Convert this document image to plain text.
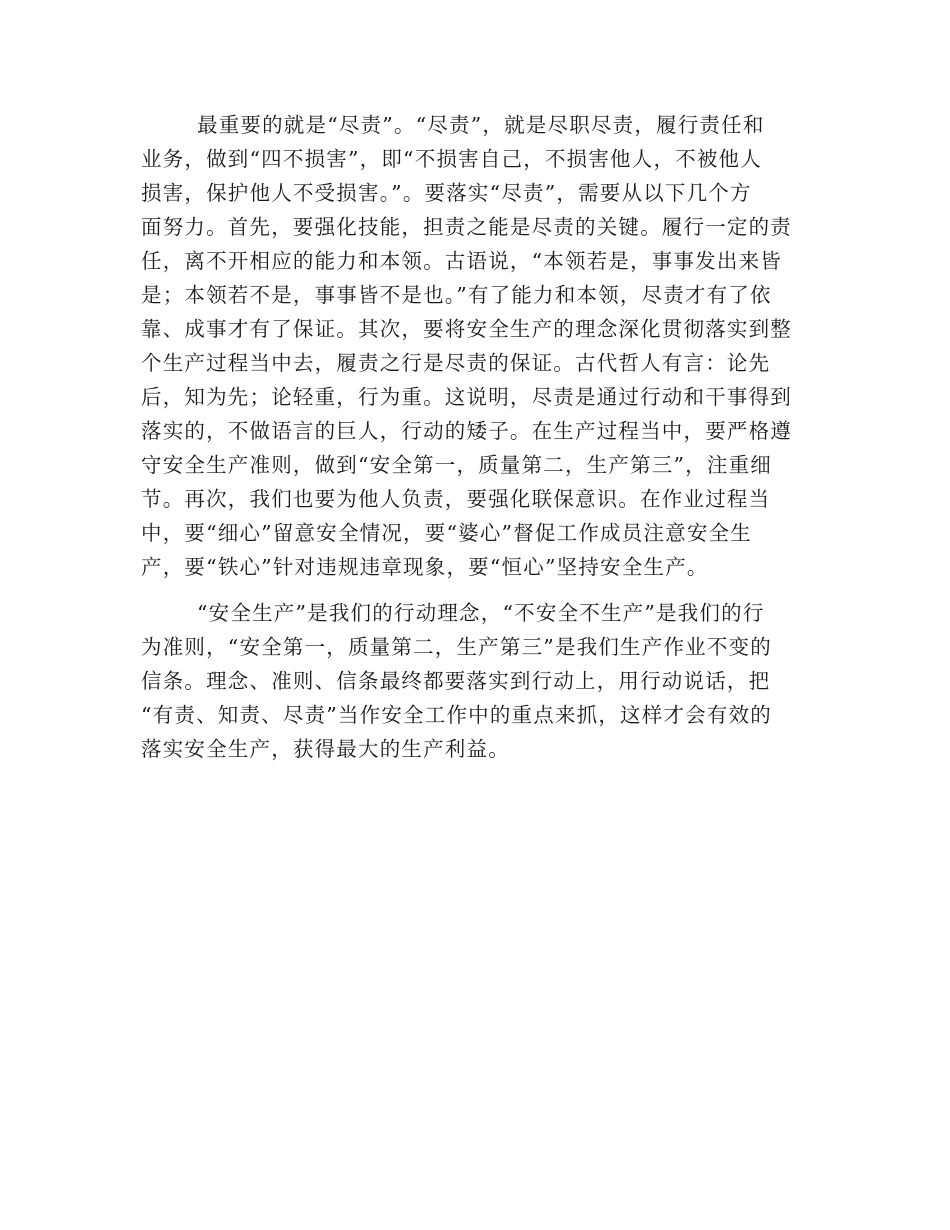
最重要的就是“尽责”。“尽责”，就是尽职尽责，履行责任和
业务，做到“四不损害”，即“不损害自己，不损害他人，不被他人
损害，保护他人不受损害。”。要落实“尽责”，需要从以下几个方
面努力。首先，要强化技能，担责之能是尽责的关键。履行一定的责
任，离不开相应的能力和本领。古语说，“本领若是，事事发出来皆
是；本领若不是，事事皆不是也。”有了能力和本领，尽责才有了依
靠、成事才有了保证。其次，要将安全生产的理念深化贯彻落实到整
个生产过程当中去，履责之行是尽责的保证。古代哲人有言：论先
后，知为先；论轻重，行为重。这说明，尽责是通过行动和干事得到
落实的，不做语言的巨人，行动的矮子。在生产过程当中，要严格遵
守安全生产准则，做到“安全第一，质量第二，生产第三”，注重细
节。再次，我们也要为他人负责，要强化联保意识。在作业过程当
中，要“细心”留意安全情况，要“婆心”督促工作成员注意安全生
产，要“铁心”针对违规违章现象，要“恒心”坚持安全生产。
“安全生产”是我们的行动理念，“不安全不生产”是我们的行
为准则，“安全第一，质量第二，生产第三”是我们生产作业不变的
信条。理念、准则、信条最终都要落实到行动上，用行动说话，把
“有责、知责、尽责”当作安全工作中的重点来抓，这样才会有效的
落实安全生产，获得最大的生产利益。
